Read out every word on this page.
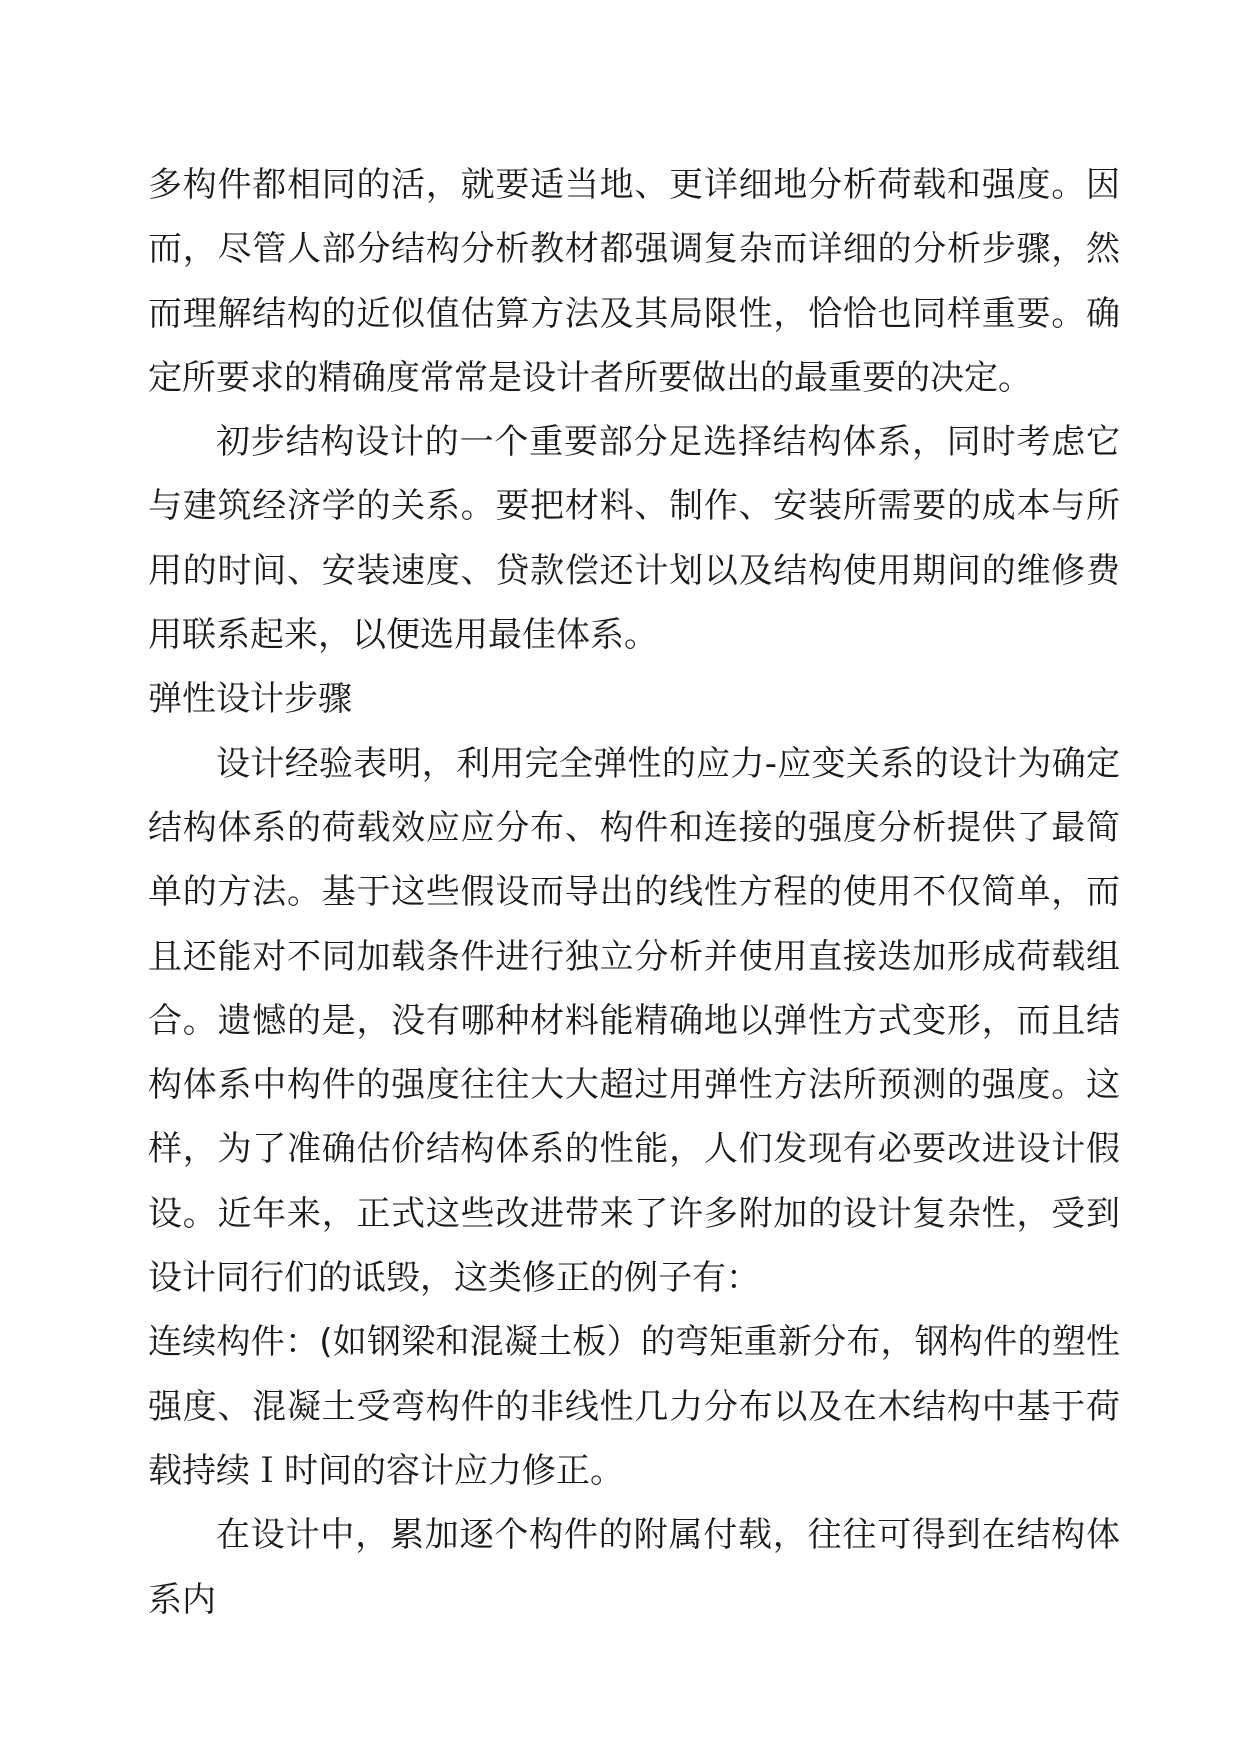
多构件都相同的活，就要适当地、更详细地分析荷载和强度。因而，尽管人部分结构分析教材都强调复杂而详细的分析步骤，然而理解结构的近似值估算方法及其局限性，恰恰也同样重要。确定所要求的精确度常常是设计者所要做出的最重要的决定。

初步结构设计的一个重要部分足选择结构体系，同时考虑它与建筑经济学的关系。要把材料、制作、安装所需要的成本与所用的时间、安装速度、贷款偿还计划以及结构使用期间的维修费用联系起来，以便选用最佳体系。

弹性设计步骤

设计经验表明，利用完全弹性的应力-应变关系的设计为确定结构体系的荷载效应应分布、构件和连接的强度分析提供了最简单的方法。基于这些假设而导出的线性方程的使用不仅简单，而且还能对不同加载条件进行独立分析并使用直接迭加形成荷载组合。遗憾的是，没有哪种材料能精确地以弹性方式变形，而且结构体系中构件的强度往往大大超过用弹性方法所预测的强度。这样，为了准确估价结构体系的性能，人们发现有必要改进设计假设。近年来，正式这些改进带来了许多附加的设计复杂性，受到设计同行们的诋毁，这类修正的例子有：

连续构件：(如钢梁和混凝土板）的弯矩重新分布，钢构件的塑性强度、混凝土受弯构件的非线性几力分布以及在木结构中基于荷载持续Ｉ时间的容计应力修正。

在设计中，累加逐个构件的附属付载，往往可得到在结构体系内
